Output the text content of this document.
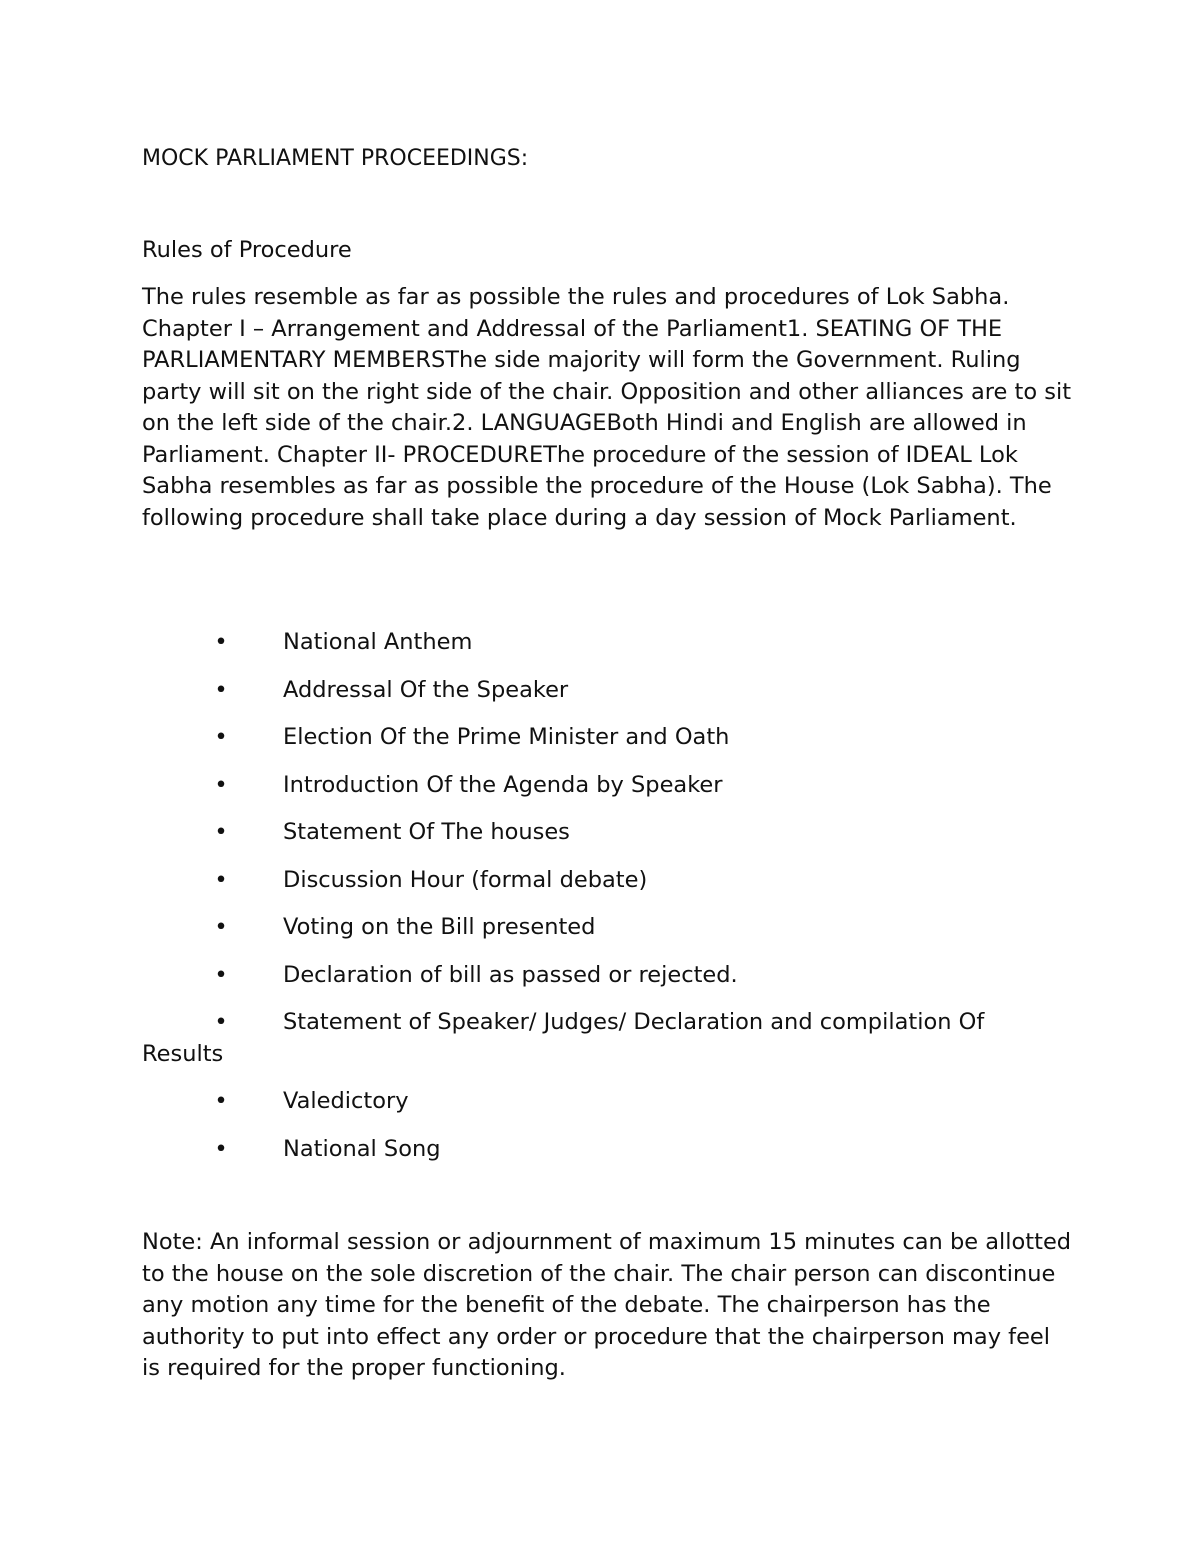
MOCK PARLIAMENT PROCEEDINGS:

Rules of Procedure

The rules resemble as far as possible the rules and procedures of Lok Sabha. Chapter I – Arrangement and Addressal of the Parliament1. SEATING OF THE PARLIAMENTARY MEMBERSThe side majority will form the Government. Ruling party will sit on the right side of the chair. Opposition and other alliances are to sit on the left side of the chair.2. LANGUAGEBoth Hindi and English are allowed in Parliament. Chapter II- PROCEDUREThe procedure of the session of IDEAL Lok Sabha resembles as far as possible the procedure of the House (Lok Sabha). The following procedure shall take place during a day session of Mock Parliament.

• National Anthem
• Addressal Of the Speaker
• Election Of the Prime Minister and Oath
• Introduction Of the Agenda by Speaker
• Statement Of The houses
• Discussion Hour (formal debate)
• Voting on the Bill presented
• Declaration of bill as passed or rejected.
• Statement of Speaker/ Judges/ Declaration and compilation Of Results
• Valedictory
• National Song

Note: An informal session or adjournment of maximum 15 minutes can be allotted to the house on the sole discretion of the chair. The chair person can discontinue any motion any time for the benefit of the debate. The chairperson has the authority to put into effect any order or procedure that the chairperson may feel is required for the proper functioning.
